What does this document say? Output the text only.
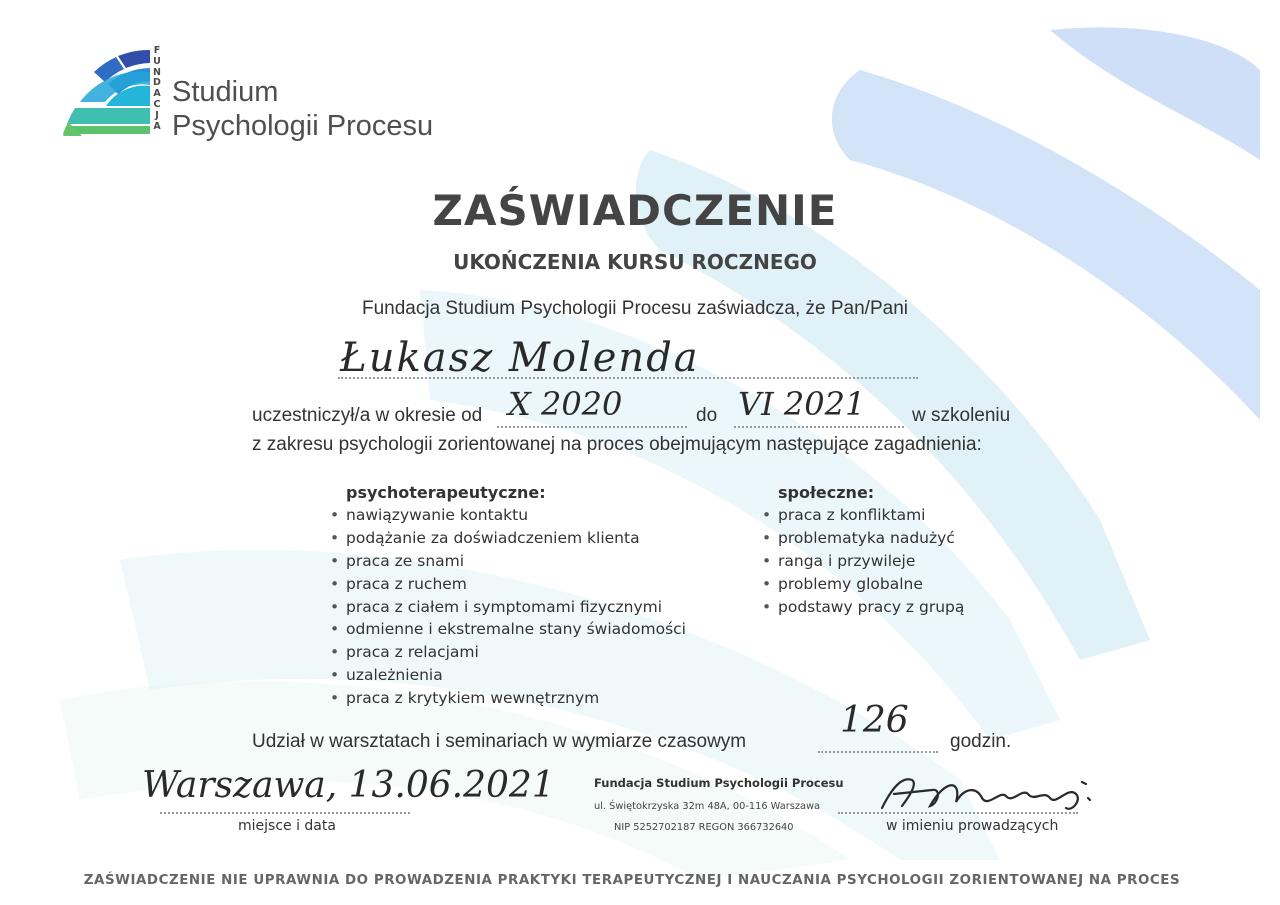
F
U
N
D
A
C
J
A
Studium
Psychologii Procesu
ZAŚWIADCZENIE
UKOŃCZENIA KURSU ROCZNEGO
Fundacja Studium Psychologii Procesu zaświadcza, że Pan/Pani
Łukasz Molenda
uczestniczył/a w okresie od X 2020	do VI 2021 w szkoleniu
z zakresu psychologii zorientowanej na proces obejmującym następujące zagadnienia:
psychoterapeutyczne:
• nawiązywanie kontaktu
• podążanie za doświadczeniem klienta
• praca ze snami
• praca z ruchem
• praca z ciałem i symptomami fizycznymi
• odmienne i ekstremalne stany świadomości
• praca z relacjami
• uzależnienia
• praca z krytykiem wewnętrznym
społeczne:
• praca z konfliktami
• problematyka nadużyć
• ranga i przywileje
• problemy globalne
• podstawy pracy z grupą
Udział w warsztatach i seminariach w wymiarze czasowym
126
godzin.
Warszawa, 13.06.2021
miejsce i data
Fundacja Studium Psychologii Procesu
ul. Świętokrzyska 32m 48A, 00-116 Warszawa
NIP 5252702187 REGON 366732640	w imieniu prowadzących
ZAŚWIADCZENIE NIE UPRAWNIA DO PROWADZENIA PRAKTYKI TERAPEUTYCZNEJ I NAUCZANIA PSYCHOLOGII ZORIENTOWANEJ NA PROCES
